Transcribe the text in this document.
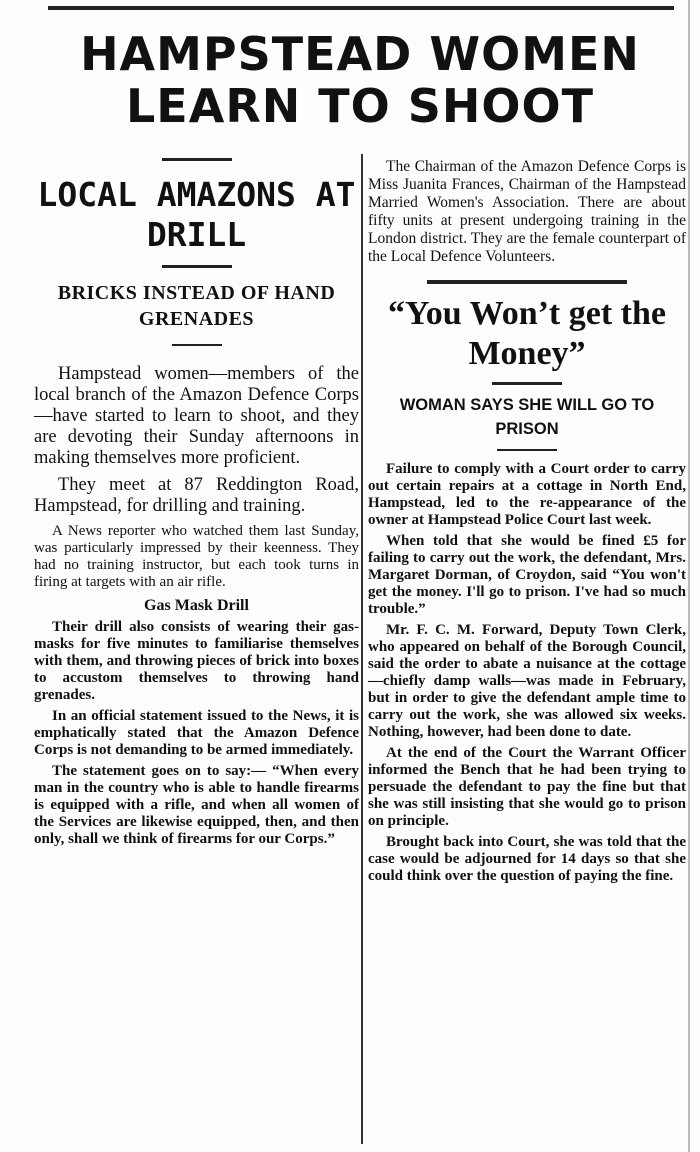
HAMPSTEAD WOMEN
LEARN TO SHOOT
LOCAL AMAZONS AT DRILL
BRICKS INSTEAD OF HAND GRENADES

Hampstead women—members of the local branch of the Amazon Defence Corps—have started to learn to shoot, and they are devoting their Sunday afternoons in making themselves more proficient.

They meet at 87 Reddington Road, Hampstead, for drilling and training.

A News reporter who watched them last Sunday, was particularly impressed by their keenness. They had no training instructor, but each took turns in firing at targets with an air rifle.

Gas Mask Drill

Their drill also consists of wearing their gas-masks for five minutes to familiarise themselves with them, and throwing pieces of brick into boxes to accustom themselves to throwing hand grenades.

In an official statement issued to the News, it is emphatically stated that the Amazon Defence Corps is not demanding to be armed immediately.

The statement goes on to say:— “When every man in the country who is able to handle firearms is equipped with a rifle, and when all women of the Services are likewise equipped, then, and then only, shall we think of firearms for our Corps.”

The Chairman of the Amazon Defence Corps is Miss Juanita Frances, Chairman of the Hampstead Married Women's Association. There are about fifty units at present undergoing training in the London district. They are the female counterpart of the Local Defence Volunteers.

“You Won’t get the Money”
WOMAN SAYS SHE WILL GO TO PRISON

Failure to comply with a Court order to carry out certain repairs at a cottage in North End, Hampstead, led to the re-appearance of the owner at Hampstead Police Court last week.

When told that she would be fined £5 for failing to carry out the work, the defendant, Mrs. Margaret Dorman, of Croydon, said “You won't get the money. I'll go to prison. I've had so much trouble.”

Mr. F. C. M. Forward, Deputy Town Clerk, who appeared on behalf of the Borough Council, said the order to abate a nuisance at the cottage—chiefly damp walls—was made in February, but in order to give the defendant ample time to carry out the work, she was allowed six weeks. Nothing, however, had been done to date.

At the end of the Court the Warrant Officer informed the Bench that he had been trying to persuade the defendant to pay the fine but that she was still insisting that she would go to prison on principle.

Brought back into Court, she was told that the case would be adjourned for 14 days so that she could think over the question of paying the fine.
